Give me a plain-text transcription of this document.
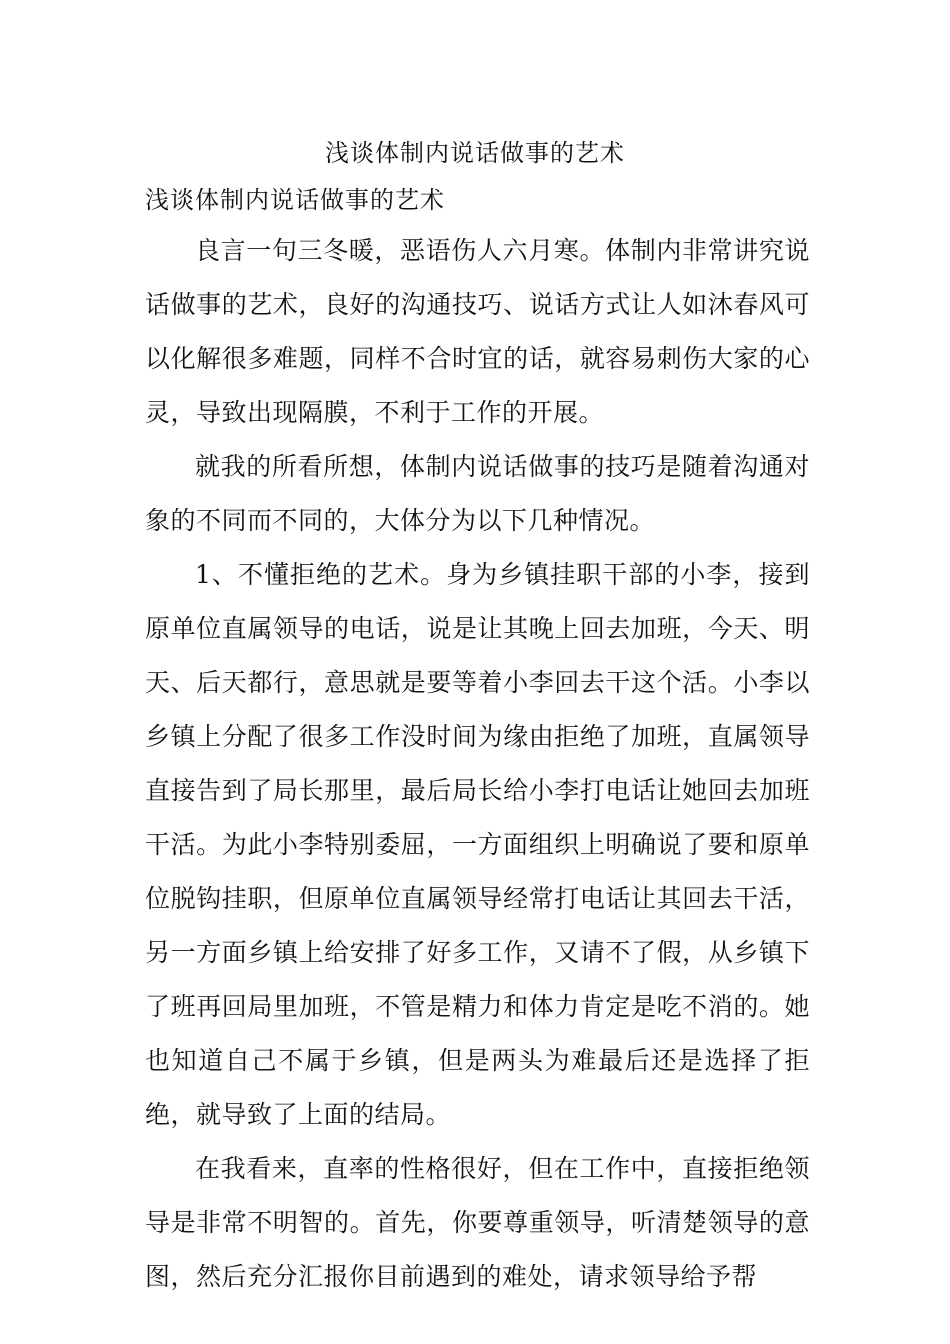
浅谈体制内说话做事的艺术

浅谈体制内说话做事的艺术

良言一句三冬暖，恶语伤人六月寒。体制内非常讲究说话做事的艺术，良好的沟通技巧、说话方式让人如沐春风可以化解很多难题，同样不合时宜的话，就容易刺伤大家的心灵，导致出现隔膜，不利于工作的开展。

就我的所看所想，体制内说话做事的技巧是随着沟通对象的不同而不同的，大体分为以下几种情况。

1、不懂拒绝的艺术。身为乡镇挂职干部的小李，接到原单位直属领导的电话，说是让其晚上回去加班，今天、明天、后天都行，意思就是要等着小李回去干这个活。小李以乡镇上分配了很多工作没时间为缘由拒绝了加班，直属领导直接告到了局长那里，最后局长给小李打电话让她回去加班干活。为此小李特别委屈，一方面组织上明确说了要和原单位脱钩挂职，但原单位直属领导经常打电话让其回去干活，另一方面乡镇上给安排了好多工作，又请不了假，从乡镇下了班再回局里加班，不管是精力和体力肯定是吃不消的。她也知道自己不属于乡镇，但是两头为难最后还是选择了拒绝，就导致了上面的结局。

在我看来，直率的性格很好，但在工作中，直接拒绝领导是非常不明智的。首先，你要尊重领导，听清楚领导的意图，然后充分汇报你目前遇到的难处，请求领导给予帮
